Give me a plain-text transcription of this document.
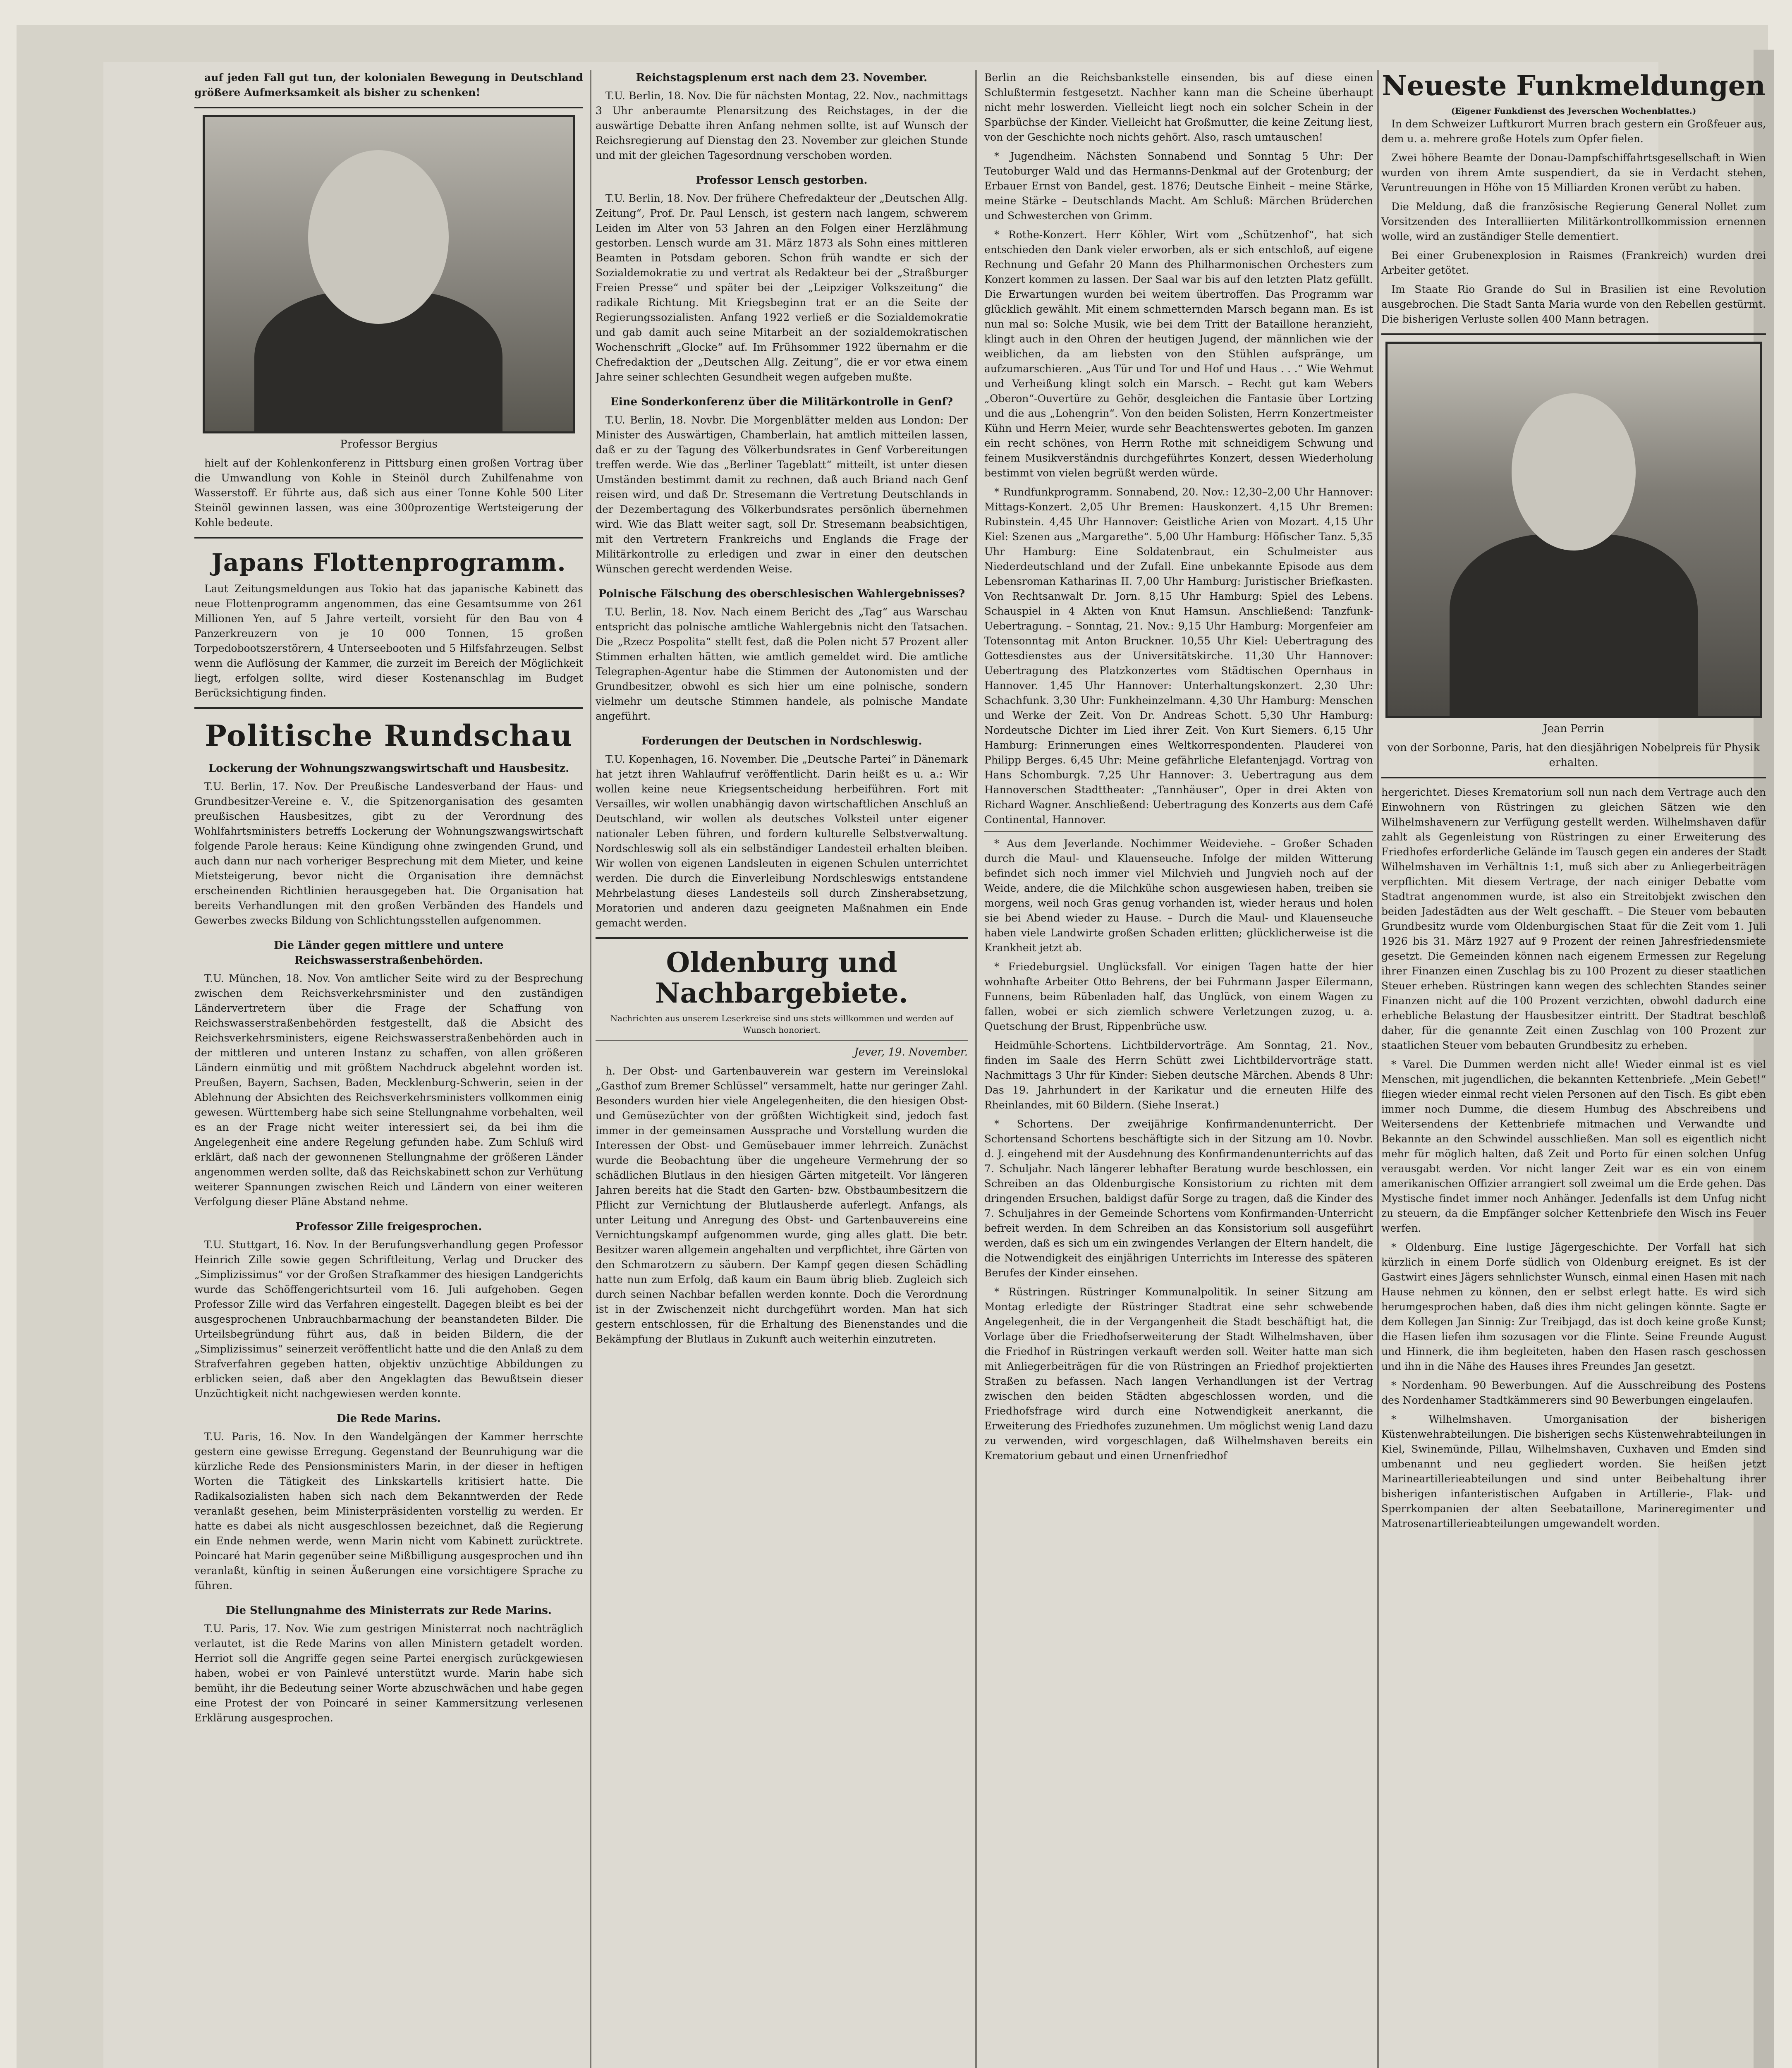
auf jeden Fall gut tun, der kolonialen Bewegung in Deutschland größere Aufmerksamkeit als bisher zu schenken!

Professor Bergius

hielt auf der Kohlenkonferenz in Pittsburg einen großen Vortrag über die Umwandlung von Kohle in Steinöl durch Zuhilfenahme von Wasserstoff. Er führte aus, daß sich aus einer Tonne Kohle 500 Liter Steinöl gewinnen lassen, was eine 300prozentige Wertsteigerung der Kohle bedeute.

Japans Flottenprogramm.

Laut Zeitungsmeldungen aus Tokio hat das japanische Kabinett das neue Flottenprogramm angenommen, das eine Gesamtsumme von 261 Millionen Yen, auf 5 Jahre verteilt, vorsieht für den Bau von 4 Panzerkreuzern von je 10 000 Tonnen, 15 großen Torpedobootszerstörern, 4 Unterseebooten und 5 Hilfsfahrzeugen. Selbst wenn die Auflösung der Kammer, die zurzeit im Bereich der Möglichkeit liegt, erfolgen sollte, wird dieser Kostenanschlag im Budget Berücksichtigung finden.

Politische Rundschau
Lockerung der Wohnungszwangswirtschaft und Hausbesitz.

T.U. Berlin, 17. Nov. Der Preußische Landesverband der Haus- und Grundbesitzer-Vereine e. V., die Spitzenorganisation des gesamten preußischen Hausbesitzes, gibt zu der Verordnung des Wohlfahrtsministers betreffs Lockerung der Wohnungszwangswirtschaft folgende Parole heraus: Keine Kündigung ohne zwingenden Grund, und auch dann nur nach vorheriger Besprechung mit dem Mieter, und keine Mietsteigerung, bevor nicht die Organisation ihre demnächst erscheinenden Richtlinien herausgegeben hat. Die Organisation hat bereits Verhandlungen mit den großen Verbänden des Handels und Gewerbes zwecks Bildung von Schlichtungsstellen aufgenommen.

Die Länder gegen mittlere und untere Reichswasserstraßenbehörden.

T.U. München, 18. Nov. Von amtlicher Seite wird zu der Besprechung zwischen dem Reichsverkehrsminister und den zuständigen Ländervertretern über die Frage der Schaffung von Reichswasserstraßenbehörden festgestellt, daß die Absicht des Reichsverkehrsministers, eigene Reichswasserstraßenbehörden auch in der mittleren und unteren Instanz zu schaffen, von allen größeren Ländern einmütig und mit größtem Nachdruck abgelehnt worden ist. Preußen, Bayern, Sachsen, Baden, Mecklenburg-Schwerin, seien in der Ablehnung der Absichten des Reichsverkehrsministers vollkommen einig gewesen. Württemberg habe sich seine Stellungnahme vorbehalten, weil es an der Frage nicht weiter interessiert sei, da bei ihm die Angelegenheit eine andere Regelung gefunden habe. Zum Schluß wird erklärt, daß nach der gewonnenen Stellungnahme der größeren Länder angenommen werden sollte, daß das Reichskabinett schon zur Verhütung weiterer Spannungen zwischen Reich und Ländern von einer weiteren Verfolgung dieser Pläne Abstand nehme.

Professor Zille freigesprochen.

T.U. Stuttgart, 16. Nov. In der Berufungsverhandlung gegen Professor Heinrich Zille sowie gegen Schriftleitung, Verlag und Drucker des „Simplizissimus“ vor der Großen Strafkammer des hiesigen Landgerichts wurde das Schöffengerichtsurteil vom 16. Juli aufgehoben. Gegen Professor Zille wird das Verfahren eingestellt. Dagegen bleibt es bei der ausgesprochenen Unbrauchbarmachung der beanstandeten Bilder. Die Urteilsbegründung führt aus, daß in beiden Bildern, die der „Simplizissimus“ seinerzeit veröffentlicht hatte und die den Anlaß zu dem Strafverfahren gegeben hatten, objektiv unzüchtige Abbildungen zu erblicken seien, daß aber den Angeklagten das Bewußtsein dieser Unzüchtigkeit nicht nachgewiesen werden konnte.

Die Rede Marins.

T.U. Paris, 16. Nov. In den Wandelgängen der Kammer herrschte gestern eine gewisse Erregung. Gegenstand der Beunruhigung war die kürzliche Rede des Pensionsministers Marin, in der dieser in heftigen Worten die Tätigkeit des Linkskartells kritisiert hatte. Die Radikalsozialisten haben sich nach dem Bekanntwerden der Rede veranlaßt gesehen, beim Ministerpräsidenten vorstellig zu werden. Er hatte es dabei als nicht ausgeschlossen bezeichnet, daß die Regierung ein Ende nehmen werde, wenn Marin nicht vom Kabinett zurücktrete. Poincaré hat Marin gegenüber seine Mißbilligung ausgesprochen und ihn veranlaßt, künftig in seinen Äußerungen eine vorsichtigere Sprache zu führen.

Die Stellungnahme des Ministerrats zur Rede Marins.

T.U. Paris, 17. Nov. Wie zum gestrigen Ministerrat noch nachträglich verlautet, ist die Rede Marins von allen Ministern getadelt worden. Herriot soll die Angriffe gegen seine Partei energisch zurückgewiesen haben, wobei er von Painlevé unterstützt wurde. Marin habe sich bemüht, ihr die Bedeutung seiner Worte abzuschwächen und habe gegen eine Protest der von Poincaré in seiner Kammersitzung verlesenen Erklärung ausgesprochen.

Reichstagsplenum erst nach dem 23. November.

T.U. Berlin, 18. Nov. Die für nächsten Montag, 22. Nov., nachmittags 3 Uhr anberaumte Plenarsitzung des Reichstages, in der die auswärtige Debatte ihren Anfang nehmen sollte, ist auf Wunsch der Reichsregierung auf Dienstag den 23. November zur gleichen Stunde und mit der gleichen Tagesordnung verschoben worden.

Professor Lensch gestorben.

T.U. Berlin, 18. Nov. Der frühere Chefredakteur der „Deutschen Allg. Zeitung“, Prof. Dr. Paul Lensch, ist gestern nach langem, schwerem Leiden im Alter von 53 Jahren an den Folgen einer Herzlähmung gestorben. Lensch wurde am 31. März 1873 als Sohn eines mittleren Beamten in Potsdam geboren. Schon früh wandte er sich der Sozialdemokratie zu und vertrat als Redakteur bei der „Straßburger Freien Presse“ und später bei der „Leipziger Volkszeitung“ die radikale Richtung. Mit Kriegsbeginn trat er an die Seite der Regierungssozialisten. Anfang 1922 verließ er die Sozialdemokratie und gab damit auch seine Mitarbeit an der sozialdemokratischen Wochenschrift „Glocke“ auf. Im Frühsommer 1922 übernahm er die Chefredaktion der „Deutschen Allg. Zeitung“, die er vor etwa einem Jahre seiner schlechten Gesundheit wegen aufgeben mußte.

Eine Sonderkonferenz über die Militärkontrolle in Genf?

T.U. Berlin, 18. Novbr. Die Morgenblätter melden aus London: Der Minister des Auswärtigen, Chamberlain, hat amtlich mitteilen lassen, daß er zu der Tagung des Völkerbundsrates in Genf Vorbereitungen treffen werde. Wie das „Berliner Tageblatt“ mitteilt, ist unter diesen Umständen bestimmt damit zu rechnen, daß auch Briand nach Genf reisen wird, und daß Dr. Stresemann die Vertretung Deutschlands in der Dezembertagung des Völkerbundsrates persönlich übernehmen wird. Wie das Blatt weiter sagt, soll Dr. Stresemann beabsichtigen, mit den Vertretern Frankreichs und Englands die Frage der Militärkontrolle zu erledigen und zwar in einer den deutschen Wünschen gerecht werdenden Weise.

Polnische Fälschung des oberschlesischen Wahlergebnisses?

T.U. Berlin, 18. Nov. Nach einem Bericht des „Tag“ aus Warschau entspricht das polnische amtliche Wahlergebnis nicht den Tatsachen. Die „Rzecz Pospolita“ stellt fest, daß die Polen nicht 57 Prozent aller Stimmen erhalten hätten, wie amtlich gemeldet wird. Die amtliche Telegraphen-Agentur habe die Stimmen der Autonomisten und der Grundbesitzer, obwohl es sich hier um eine polnische, sondern vielmehr um deutsche Stimmen handele, als polnische Mandate angeführt.

Forderungen der Deutschen in Nordschleswig.

T.U. Kopenhagen, 16. November. Die „Deutsche Partei“ in Dänemark hat jetzt ihren Wahlaufruf veröffentlicht. Darin heißt es u. a.: Wir wollen keine neue Kriegsentscheidung herbeiführen. Fort mit Versailles, wir wollen unabhängig davon wirtschaftlichen Anschluß an Deutschland, wir wollen als deutsches Volksteil unter eigener nationaler Leben führen, und fordern kulturelle Selbstverwaltung. Nordschleswig soll als ein selbständiger Landesteil erhalten bleiben. Wir wollen von eigenen Landsleuten in eigenen Schulen unterrichtet werden. Die durch die Einverleibung Nordschleswigs entstandene Mehrbelastung dieses Landesteils soll durch Zinsherabsetzung, Moratorien und anderen dazu geeigneten Maßnahmen ein Ende gemacht werden.

Oldenburg und Nachbargebiete.
Nachrichten aus unserem Leserkreise sind uns stets willkommen und werden auf Wunsch honoriert.
Jever, 19. November.

h. Der Obst- und Gartenbauverein war gestern im Vereinslokal „Gasthof zum Bremer Schlüssel“ versammelt, hatte nur geringer Zahl. Besonders wurden hier viele Angelegenheiten, die den hiesigen Obst- und Gemüsezüchter von der größten Wichtigkeit sind, jedoch fast immer in der gemeinsamen Aussprache und Vorstellung wurden die Interessen der Obst- und Gemüsebauer immer lehrreich. Zunächst wurde die Beobachtung über die ungeheure Vermehrung der so schädlichen Blutlaus in den hiesigen Gärten mitgeteilt. Vor längeren Jahren bereits hat die Stadt den Garten- bzw. Obstbaumbesitzern die Pflicht zur Vernichtung der Blutlausherde auferlegt. Anfangs, als unter Leitung und Anregung des Obst- und Gartenbauvereins eine Vernichtungskampf aufgenommen wurde, ging alles glatt. Die betr. Besitzer waren allgemein angehalten und verpflichtet, ihre Gärten von den Schmarotzern zu säubern. Der Kampf gegen diesen Schädling hatte nun zum Erfolg, daß kaum ein Baum übrig blieb. Zugleich sich durch seinen Nachbar befallen werden konnte. Doch die Verordnung ist in der Zwischenzeit nicht durchgeführt worden. Man hat sich gestern entschlossen, für die Erhaltung des Bienenstandes und die Bekämpfung der Blutlaus in Zukunft auch weiterhin einzutreten.

Berlin an die Reichsbankstelle einsenden, bis auf diese einen Schlußtermin festgesetzt. Nachher kann man die Scheine überhaupt nicht mehr loswerden. Vielleicht liegt noch ein solcher Schein in der Sparbüchse der Kinder. Vielleicht hat Großmutter, die keine Zeitung liest, von der Geschichte noch nichts gehört. Also, rasch umtauschen!

* Jugendheim. Nächsten Sonnabend und Sonntag 5 Uhr: Der Teutoburger Wald und das Hermanns-Denkmal auf der Grotenburg; der Erbauer Ernst von Bandel, gest. 1876; Deutsche Einheit – meine Stärke, meine Stärke – Deutschlands Macht. Am Schluß: Märchen Brüderchen und Schwesterchen von Grimm.

* Rothe-Konzert. Herr Köhler, Wirt vom „Schützenhof“, hat sich entschieden den Dank vieler erworben, als er sich entschloß, auf eigene Rechnung und Gefahr 20 Mann des Philharmonischen Orchesters zum Konzert kommen zu lassen. Der Saal war bis auf den letzten Platz gefüllt. Die Erwartungen wurden bei weitem übertroffen. Das Programm war glücklich gewählt. Mit einem schmetternden Marsch begann man. Es ist nun mal so: Solche Musik, wie bei dem Tritt der Bataillone heranzieht, klingt auch in den Ohren der heutigen Jugend, der männlichen wie der weiblichen, da am liebsten von den Stühlen aufspränge, um aufzumarschieren. „Aus Tür und Tor und Hof und Haus . . .“ Wie Wehmut und Verheißung klingt solch ein Marsch. – Recht gut kam Webers „Oberon“-Ouvertüre zu Gehör, desgleichen die Fantasie über Lortzing und die aus „Lohengrin“. Von den beiden Solisten, Herrn Konzertmeister Kühn und Herrn Meier, wurde sehr Beachtenswertes geboten. Im ganzen ein recht schönes, von Herrn Rothe mit schneidigem Schwung und feinem Musikverständnis durchgeführtes Konzert, dessen Wiederholung bestimmt von vielen begrüßt werden würde.

* Rundfunkprogramm. Sonnabend, 20. Nov.: 12,30–2,00 Uhr Hannover: Mittags-Konzert. 2,05 Uhr Bremen: Hauskonzert. 4,15 Uhr Bremen: Rubinstein. 4,45 Uhr Hannover: Geistliche Arien von Mozart. 4,15 Uhr Kiel: Szenen aus „Margarethe“. 5,00 Uhr Hamburg: Höfischer Tanz. 5,35 Uhr Hamburg: Eine Soldatenbraut, ein Schulmeister aus Niederdeutschland und der Zufall. Eine unbekannte Episode aus dem Lebensroman Katharinas II. 7,00 Uhr Hamburg: Juristischer Briefkasten. Von Rechtsanwalt Dr. Jorn. 8,15 Uhr Hamburg: Spiel des Lebens. Schauspiel in 4 Akten von Knut Hamsun. Anschließend: Tanzfunk-Uebertragung. – Sonntag, 21. Nov.: 9,15 Uhr Hamburg: Morgenfeier am Totensonntag mit Anton Bruckner. 10,55 Uhr Kiel: Uebertragung des Gottesdienstes aus der Universitätskirche. 11,30 Uhr Hannover: Uebertragung des Platzkonzertes vom Städtischen Opernhaus in Hannover. 1,45 Uhr Hannover: Unterhaltungskonzert. 2,30 Uhr: Schachfunk. 3,30 Uhr: Funkheinzelmann. 4,30 Uhr Hamburg: Menschen und Werke der Zeit. Von Dr. Andreas Schott. 5,30 Uhr Hamburg: Nordeutsche Dichter im Lied ihrer Zeit. Von Kurt Siemers. 6,15 Uhr Hamburg: Erinnerungen eines Weltkorrespondenten. Plauderei von Philipp Berges. 6,45 Uhr: Meine gefährliche Elefantenjagd. Vortrag von Hans Schomburgk. 7,25 Uhr Hannover: 3. Uebertragung aus dem Hannoverschen Stadttheater: „Tannhäuser“, Oper in drei Akten von Richard Wagner. Anschließend: Uebertragung des Konzerts aus dem Café Continental, Hannover.

* Aus dem Jeverlande. Nochimmer Weideviehe. – Großer Schaden durch die Maul- und Klauenseuche. Infolge der milden Witterung befindet sich noch immer viel Milchvieh und Jungvieh noch auf der Weide, andere, die die Milchkühe schon ausgewiesen haben, treiben sie morgens, weil noch Gras genug vorhanden ist, wieder heraus und holen sie bei Abend wieder zu Hause. – Durch die Maul- und Klauenseuche haben viele Landwirte großen Schaden erlitten; glücklicherweise ist die Krankheit jetzt ab.

* Friedeburgsiel. Unglücksfall. Vor einigen Tagen hatte der hier wohnhafte Arbeiter Otto Behrens, der bei Fuhrmann Jasper Eilermann, Funnens, beim Rübenladen half, das Unglück, von einem Wagen zu fallen, wobei er sich ziemlich schwere Verletzungen zuzog, u. a. Quetschung der Brust, Rippenbrüche usw.

Heidmühle-Schortens. Lichtbildervorträge. Am Sonntag, 21. Nov., finden im Saale des Herrn Schütt zwei Lichtbildervorträge statt. Nachmittags 3 Uhr für Kinder: Sieben deutsche Märchen. Abends 8 Uhr: Das 19. Jahrhundert in der Karikatur und die erneuten Hilfe des Rheinlandes, mit 60 Bildern. (Siehe Inserat.)

* Schortens. Der zweijährige Konfirmandenunterricht. Der Schortensand Schortens beschäftigte sich in der Sitzung am 10. Novbr. d. J. eingehend mit der Ausdehnung des Konfirmandenunterrichts auf das 7. Schuljahr. Nach längerer lebhafter Beratung wurde beschlossen, ein Schreiben an das Oldenburgische Konsistorium zu richten mit dem dringenden Ersuchen, baldigst dafür Sorge zu tragen, daß die Kinder des 7. Schuljahres in der Gemeinde Schortens vom Konfirmanden-Unterricht befreit werden. In dem Schreiben an das Konsistorium soll ausgeführt werden, daß es sich um ein zwingendes Verlangen der Eltern handelt, die die Notwendigkeit des einjährigen Unterrichts im Interesse des späteren Berufes der Kinder einsehen.

* Rüstringen. Rüstringer Kommunalpolitik. In seiner Sitzung am Montag erledigte der Rüstringer Stadtrat eine sehr schwebende Angelegenheit, die in der Vergangenheit die Stadt beschäftigt hat, die Vorlage über die Friedhofserweiterung der Stadt Wilhelmshaven, über die Friedhof in Rüstringen verkauft werden soll. Weiter hatte man sich mit Anliegerbeiträgen für die von Rüstringen an Friedhof projektierten Straßen zu befassen. Nach langen Verhandlungen ist der Vertrag zwischen den beiden Städten abgeschlossen worden, und die Friedhofsfrage wird durch eine Notwendigkeit anerkannt, die Erweiterung des Friedhofes zuzunehmen. Um möglichst wenig Land dazu zu verwenden, wird vorgeschlagen, daß Wilhelmshaven bereits ein Krematorium gebaut und einen Urnenfriedhof

Neueste Funkmeldungen
(Eigener Funkdienst des Jeverschen Wochenblattes.)

In dem Schweizer Luftkurort Murren brach gestern ein Großfeuer aus, dem u. a. mehrere große Hotels zum Opfer fielen.

Zwei höhere Beamte der Donau-Dampfschiffahrtsgesellschaft in Wien wurden von ihrem Amte suspendiert, da sie in Verdacht stehen, Veruntreuungen in Höhe von 15 Milliarden Kronen verübt zu haben.

Die Meldung, daß die französische Regierung General Nollet zum Vorsitzenden des Interalliierten Militärkontrollkommission ernennen wolle, wird an zuständiger Stelle dementiert.

Bei einer Grubenexplosion in Raismes (Frankreich) wurden drei Arbeiter getötet.

Im Staate Rio Grande do Sul in Brasilien ist eine Revolution ausgebrochen. Die Stadt Santa Maria wurde von den Rebellen gestürmt. Die bisherigen Verluste sollen 400 Mann betragen.

Jean Perrin
von der Sorbonne, Paris, hat den diesjährigen Nobelpreis für Physik erhalten.

hergerichtet. Dieses Krematorium soll nun nach dem Vertrage auch den Einwohnern von Rüstringen zu gleichen Sätzen wie den Wilhelmshavenern zur Verfügung gestellt werden. Wilhelmshaven dafür zahlt als Gegenleistung von Rüstringen zu einer Erweiterung des Friedhofes erforderliche Gelände im Tausch gegen ein anderes der Stadt Wilhelmshaven im Verhältnis 1:1, muß sich aber zu Anliegerbeiträgen verpflichten. Mit diesem Vertrage, der nach einiger Debatte vom Stadtrat angenommen wurde, ist also ein Streitobjekt zwischen den beiden Jadestädten aus der Welt geschafft. – Die Steuer vom bebauten Grundbesitz wurde vom Oldenburgischen Staat für die Zeit vom 1. Juli 1926 bis 31. März 1927 auf 9 Prozent der reinen Jahresfriedensmiete gesetzt. Die Gemeinden können nach eigenem Ermessen zur Regelung ihrer Finanzen einen Zuschlag bis zu 100 Prozent zu dieser staatlichen Steuer erheben. Rüstringen kann wegen des schlechten Standes seiner Finanzen nicht auf die 100 Prozent verzichten, obwohl dadurch eine erhebliche Belastung der Hausbesitzer eintritt. Der Stadtrat beschloß daher, für die genannte Zeit einen Zuschlag von 100 Prozent zur staatlichen Steuer vom bebauten Grundbesitz zu erheben.

* Varel. Die Dummen werden nicht alle! Wieder einmal ist es viel Menschen, mit jugendlichen, die bekannten Kettenbriefe. „Mein Gebet!“ fliegen wieder einmal recht vielen Personen auf den Tisch. Es gibt eben immer noch Dumme, die diesem Humbug des Abschreibens und Weitersendens der Kettenbriefe mitmachen und Verwandte und Bekannte an den Schwindel ausschließen. Man soll es eigentlich nicht mehr für möglich halten, daß Zeit und Porto für einen solchen Unfug verausgabt werden. Vor nicht langer Zeit war es ein von einem amerikanischen Offizier arrangiert soll zweimal um die Erde gehen. Das Mystische findet immer noch Anhänger. Jedenfalls ist dem Unfug nicht zu steuern, da die Empfänger solcher Kettenbriefe den Wisch ins Feuer werfen.

* Oldenburg. Eine lustige Jägergeschichte. Der Vorfall hat sich kürzlich in einem Dorfe südlich von Oldenburg ereignet. Es ist der Gastwirt eines Jägers sehnlichster Wunsch, einmal einen Hasen mit nach Hause nehmen zu können, den er selbst erlegt hatte. Es wird sich herumgesprochen haben, daß dies ihm nicht gelingen könnte. Sagte er dem Kollegen Jan Sinnig: Zur Treibjagd, das ist doch keine große Kunst; die Hasen liefen ihm sozusagen vor die Flinte. Seine Freunde August und Hinnerk, die ihm begleiteten, haben den Hasen rasch geschossen und ihn in die Nähe des Hauses ihres Freundes Jan gesetzt.

* Nordenham. 90 Bewerbungen. Auf die Ausschreibung des Postens des Nordenhamer Stadtkämmerers sind 90 Bewerbungen eingelaufen.

* Wilhelmshaven. Umorganisation der bisherigen Küstenwehrabteilungen. Die bisherigen sechs Küstenwehrabteilungen in Kiel, Swinemünde, Pillau, Wilhelmshaven, Cuxhaven und Emden sind umbenannt und neu gegliedert worden. Sie heißen jetzt Marineartillerieabteilungen und sind unter Beibehaltung ihrer bisherigen infanteristischen Aufgaben in Artillerie-, Flak- und Sperrkompanien der alten Seebataillone, Marineregimenter und Matrosenartillerieabteilungen umgewandelt worden.
